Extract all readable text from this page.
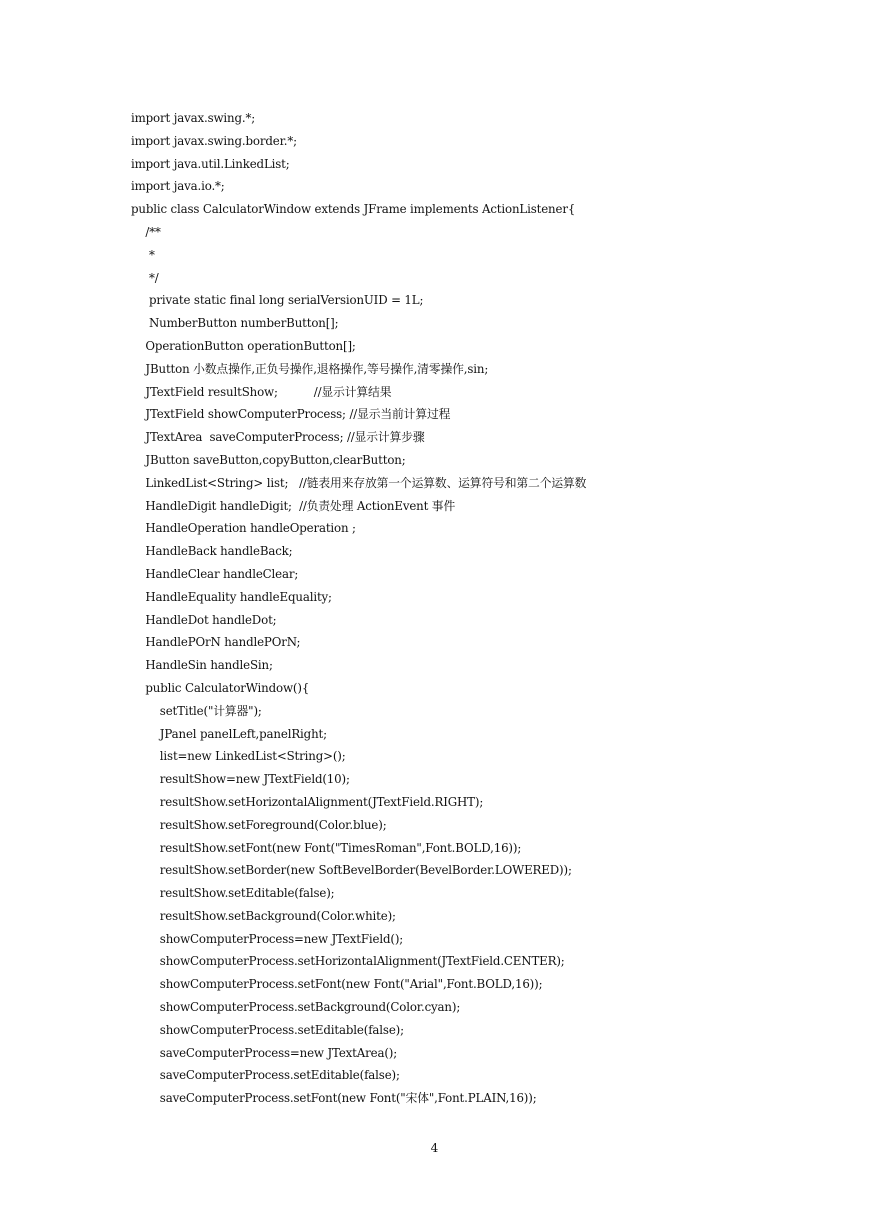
import javax.swing.*;
import javax.swing.border.*;
import java.util.LinkedList;
import java.io.*;
public class CalculatorWindow extends JFrame implements ActionListener{
/**
*
*/
private static final long serialVersionUID = 1L;
NumberButton numberButton[];
OperationButton operationButton[];
JButton 小数点操作,正负号操作,退格操作,等号操作,清零操作,sin;
JTextField resultShow;          //显示计算结果
JTextField showComputerProcess; //显示当前计算过程
JTextArea  saveComputerProcess; //显示计算步骤
JButton saveButton,copyButton,clearButton;
LinkedList<String> list;   //链表用来存放第一个运算数、运算符号和第二个运算数
HandleDigit handleDigit;  //负责处理 ActionEvent 事件
HandleOperation handleOperation ;
HandleBack handleBack;
HandleClear handleClear;
HandleEquality handleEquality;
HandleDot handleDot;
HandlePOrN handlePOrN;
HandleSin handleSin;
public CalculatorWindow(){
setTitle("计算器");
JPanel panelLeft,panelRight;
list=new LinkedList<String>();
resultShow=new JTextField(10);
resultShow.setHorizontalAlignment(JTextField.RIGHT);
resultShow.setForeground(Color.blue);
resultShow.setFont(new Font("TimesRoman",Font.BOLD,16));
resultShow.setBorder(new SoftBevelBorder(BevelBorder.LOWERED));
resultShow.setEditable(false);
resultShow.setBackground(Color.white);
showComputerProcess=new JTextField();
showComputerProcess.setHorizontalAlignment(JTextField.CENTER);
showComputerProcess.setFont(new Font("Arial",Font.BOLD,16));
showComputerProcess.setBackground(Color.cyan);
showComputerProcess.setEditable(false);
saveComputerProcess=new JTextArea();
saveComputerProcess.setEditable(false);
saveComputerProcess.setFont(new Font("宋体",Font.PLAIN,16));
4
